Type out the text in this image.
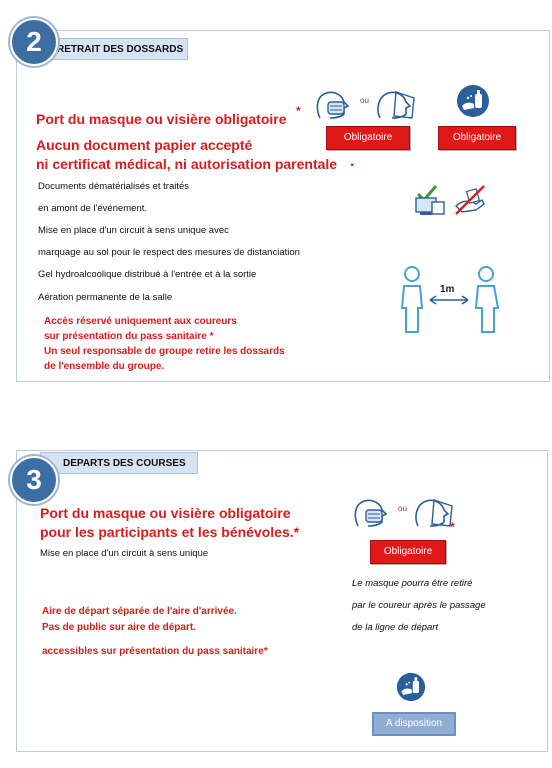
2	RETRAIT DES DOSSARDS
Port du masque ou visière obligatoire *
Aucun document papier accepté
ni certificat médical, ni autorisation parentale .
Documents dématérialisés et traités
en amont de l'événement.
Mise en place d'un circuit à sens unique avec
marquage au sol pour le respect des mesures de distanciation
Gel hydroalcoolique distribué à l'entrée et à la sortie
Aération permanente de la salle
Accès réservé uniquement aux coureurs
sur présentation du pass sanitaire *
Un seul responsable de groupe retire les dossards
de l'ensemble du groupe.
ou
Obligatoire	Obligatoire
1m
3
DEPARTS DES COURSES
Port du masque ou visière obligatoire
pour les participants et les bénévoles.*
Mise en place d'un circuit à sens unique
Aire de départ séparée de l'aire d'arrivée.
Pas de public sur aire de départ.
accessibles sur présentation du pass sanitaire*
ou
*
Obligatoire
Le masque pourra être retiré
par le coureur après le passage
de la ligne de départ
A disposition
